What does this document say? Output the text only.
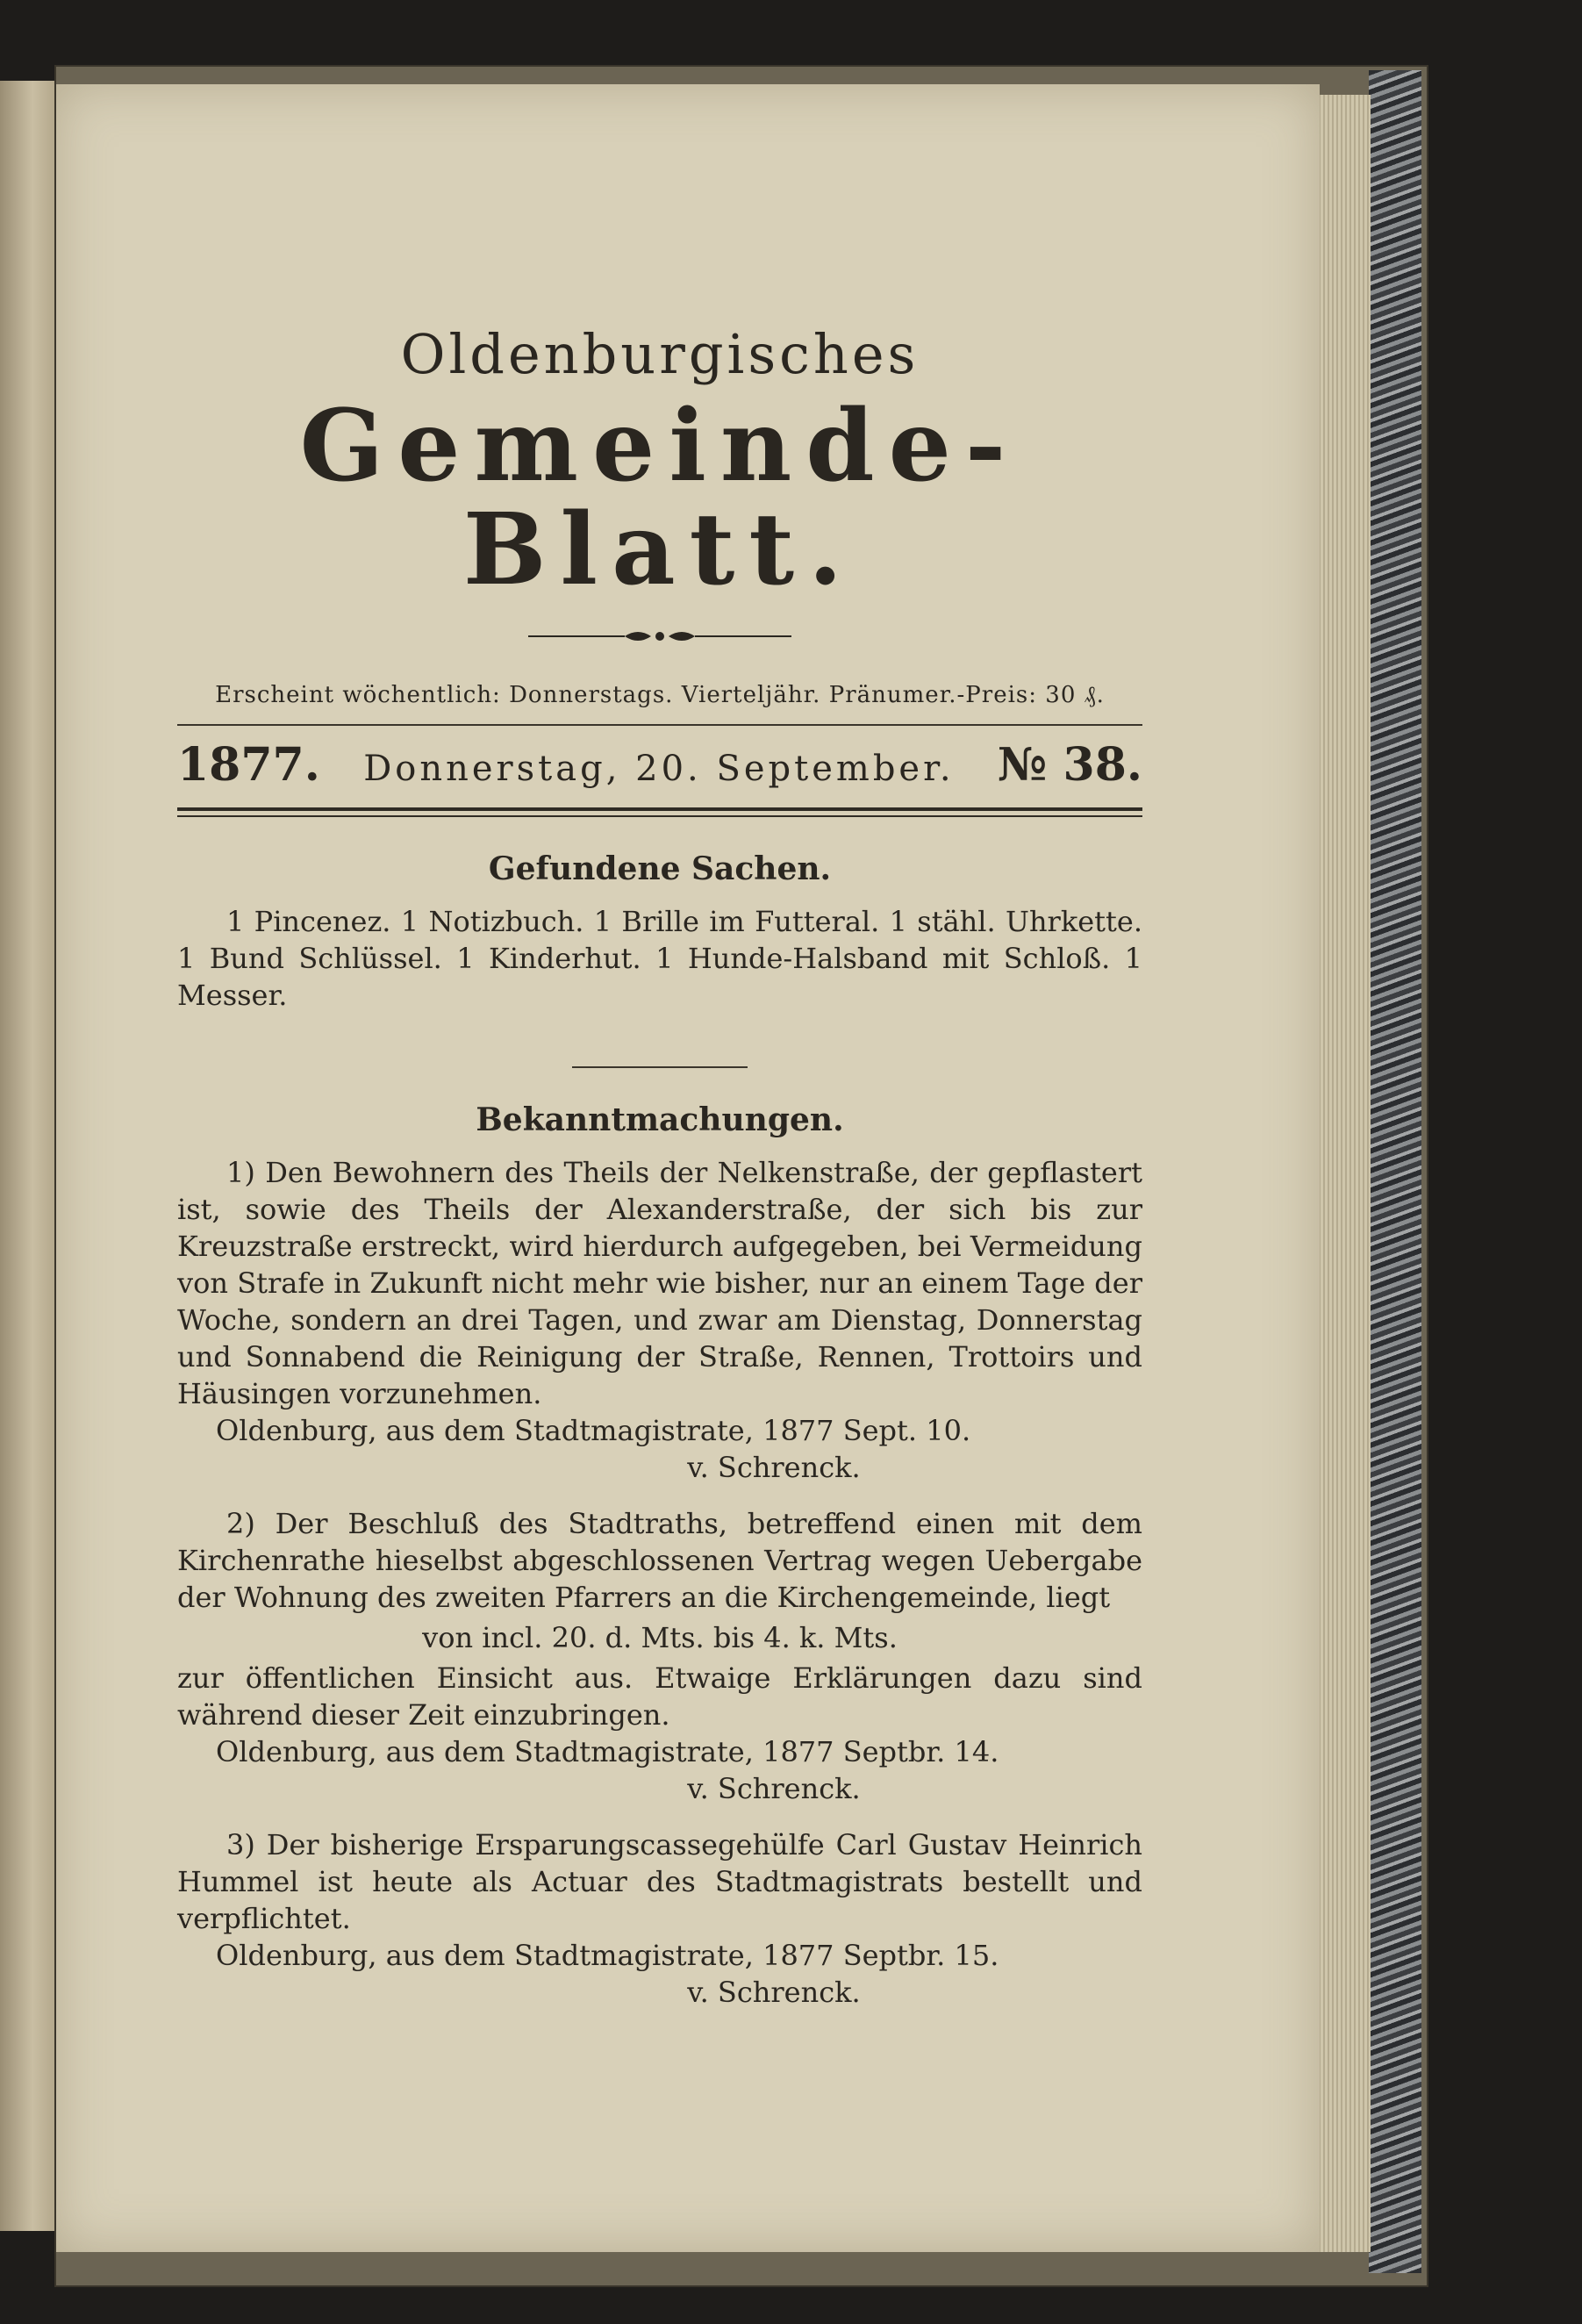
Oldenburgisches
Gemeinde-Blatt.
Erscheint wöchentlich: Donnerstags. Vierteljähr. Pränumer.-Preis: 30 ₰.
1877. Donnerstag, 20. September. № 38.
Gefundene Sachen.

1 Pincenez. 1 Notizbuch. 1 Brille im Futteral. 1 stähl. Uhrkette. 1 Bund Schlüssel. 1 Kinderhut. 1 Hunde-Halsband mit Schloß. 1 Messer.

Bekanntmachungen.

1) Den Bewohnern des Theils der Nelkenstraße, der gepflastert ist, sowie des Theils der Alexanderstraße, der sich bis zur Kreuzstraße erstreckt, wird hierdurch aufgegeben, bei Vermeidung von Strafe in Zukunft nicht mehr wie bisher, nur an einem Tage der Woche, sondern an drei Tagen, und zwar am Dienstag, Donnerstag und Sonnabend die Reinigung der Straße, Rennen, Trottoirs und Häusingen vorzunehmen.

Oldenburg, aus dem Stadtmagistrate, 1877 Sept. 10.
v. Schrenck.

2) Der Beschluß des Stadtraths, betreffend einen mit dem Kirchenrathe hieselbst abgeschlossenen Vertrag wegen Uebergabe der Wohnung des zweiten Pfarrers an die Kirchengemeinde, liegt

von incl. 20. d. Mts. bis 4. k. Mts.

zur öffentlichen Einsicht aus. Etwaige Erklärungen dazu sind während dieser Zeit einzubringen.

Oldenburg, aus dem Stadtmagistrate, 1877 Septbr. 14.
v. Schrenck.

3) Der bisherige Ersparungscassegehülfe Carl Gustav Heinrich Hummel ist heute als Actuar des Stadtmagistrats bestellt und verpflichtet.

Oldenburg, aus dem Stadtmagistrate, 1877 Septbr. 15.
v. Schrenck.
